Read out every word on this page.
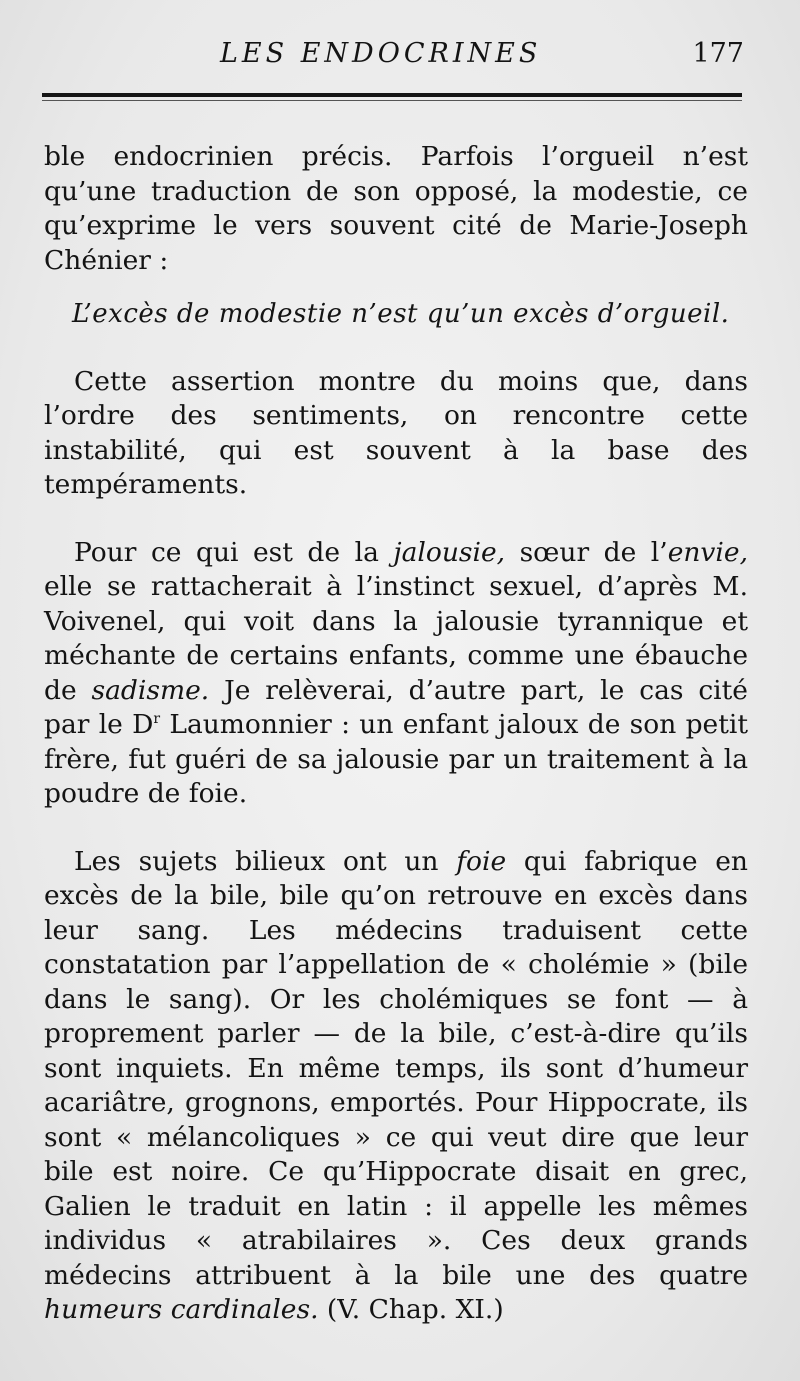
LES ENDOCRINES	177

ble endocrinien précis. Parfois l’orgueil n’est qu’une traduction de son opposé, la modestie, ce qu’exprime le vers souvent cité de Marie-Joseph Chénier :

L’excès de modestie n’est qu’un excès d’orgueil.

Cette assertion montre du moins que, dans l’ordre des sentiments, on rencontre cette instabilité, qui est souvent à la base des tempéraments.

Pour ce qui est de la jalousie, sœur de l’envie, elle se rattacherait à l’instinct sexuel, d’après M. Voivenel, qui voit dans la jalousie tyrannique et méchante de certains enfants, comme une ébauche de sadisme. Je relèverai, d’autre part, le cas cité par le $D^r$ Laumonnier : un enfant jaloux de son petit frère, fut guéri de sa jalousie par un traitement à la poudre de foie.

Les sujets bilieux ont un foie qui fabrique en excès de la bile, bile qu’on retrouve en excès dans leur sang. Les médecins traduisent cette constatation par l’appellation de « cholémie » (bile dans le sang). Or les cholémiques se font — à proprement parler — de la bile, c’est-à-dire qu’ils sont inquiets. En même temps, ils sont d’humeur acariâtre, grognons, emportés. Pour Hippocrate, ils sont « mélancoliques » ce qui veut dire que leur bile est noire. Ce qu’Hippocrate disait en grec, Galien le traduit en latin : il appelle les mêmes individus « atrabilaires ». Ces deux grands médecins attribuent à la bile une des quatre humeurs cardinales. (V. Chap. XI.)
